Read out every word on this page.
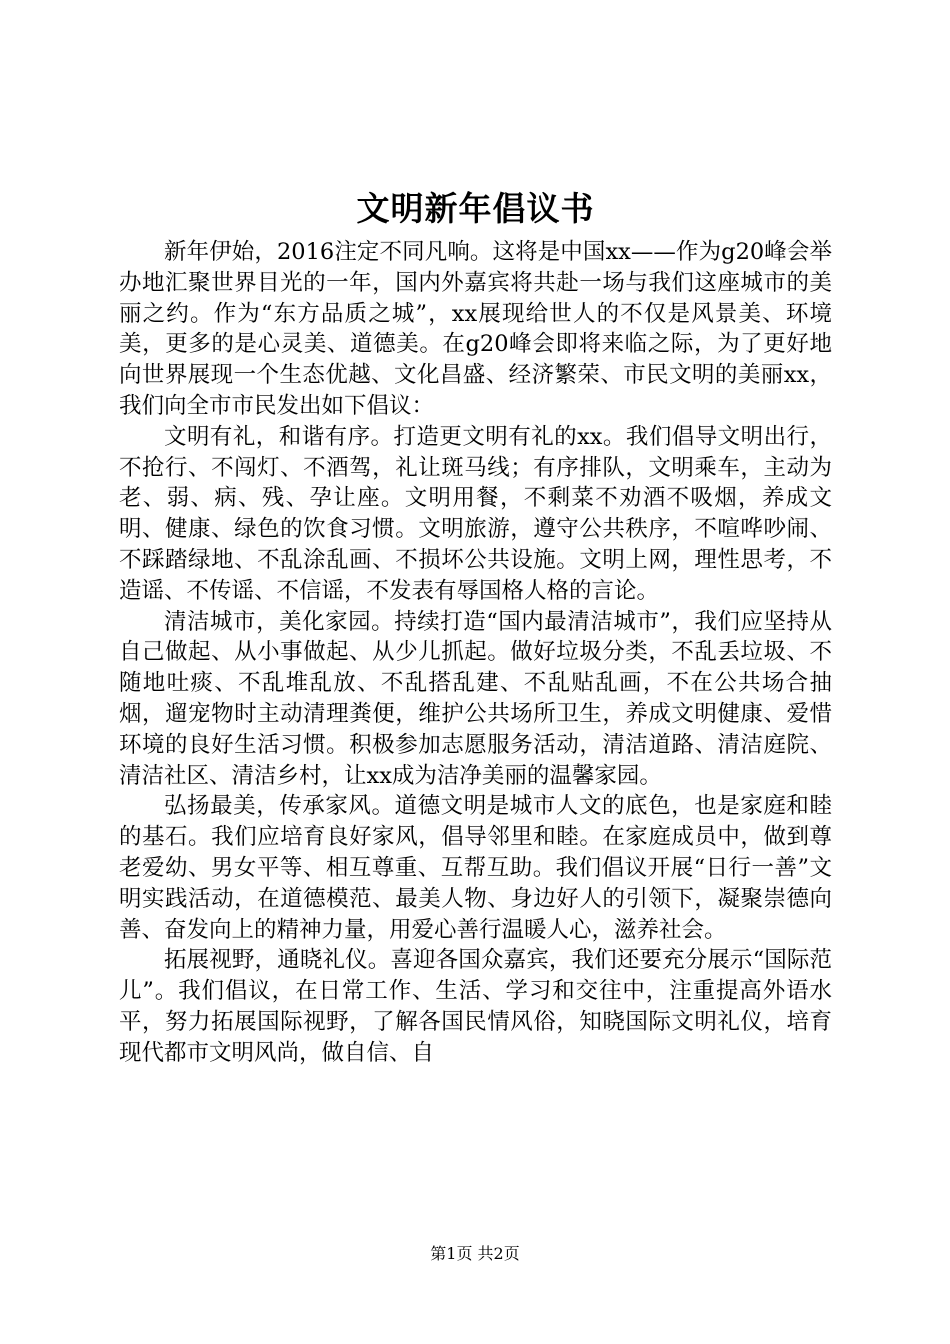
文明新年倡议书

新年伊始，2016注定不同凡响。这将是中国xx——作为g20峰会举办地汇聚世界目光的一年，国内外嘉宾将共赴一场与我们这座城市的美丽之约。作为“东方品质之城”，xx展现给世人的不仅是风景美、环境美，更多的是心灵美、道德美。在g20峰会即将来临之际，为了更好地向世界展现一个生态优越、文化昌盛、经济繁荣、市民文明的美丽xx，我们向全市市民发出如下倡议：

文明有礼，和谐有序。打造更文明有礼的xx。我们倡导文明出行，不抢行、不闯灯、不酒驾，礼让斑马线；有序排队，文明乘车，主动为老、弱、病、残、孕让座。文明用餐，不剩菜不劝酒不吸烟，养成文明、健康、绿色的饮食习惯。文明旅游，遵守公共秩序，不喧哗吵闹、不踩踏绿地、不乱涂乱画、不损坏公共设施。文明上网，理性思考，不造谣、不传谣、不信谣，不发表有辱国格人格的言论。

清洁城市，美化家园。持续打造“国内最清洁城市”，我们应坚持从自己做起、从小事做起、从少儿抓起。做好垃圾分类，不乱丢垃圾、不随地吐痰、不乱堆乱放、不乱搭乱建、不乱贴乱画，不在公共场合抽烟，遛宠物时主动清理粪便，维护公共场所卫生，养成文明健康、爱惜环境的良好生活习惯。积极参加志愿服务活动，清洁道路、清洁庭院、清洁社区、清洁乡村，让xx成为洁净美丽的温馨家园。

弘扬最美，传承家风。道德文明是城市人文的底色，也是家庭和睦的基石。我们应培育良好家风，倡导邻里和睦。在家庭成员中，做到尊老爱幼、男女平等、相互尊重、互帮互助。我们倡议开展“日行一善”文明实践活动，在道德模范、最美人物、身边好人的引领下，凝聚崇德向善、奋发向上的精神力量，用爱心善行温暖人心，滋养社会。

拓展视野，通晓礼仪。喜迎各国众嘉宾，我们还要充分展示“国际范儿”。我们倡议，在日常工作、生活、学习和交往中，注重提高外语水平，努力拓展国际视野，了解各国民情风俗，知晓国际文明礼仪，培育现代都市文明风尚，做自信、自

第1页 共2页
